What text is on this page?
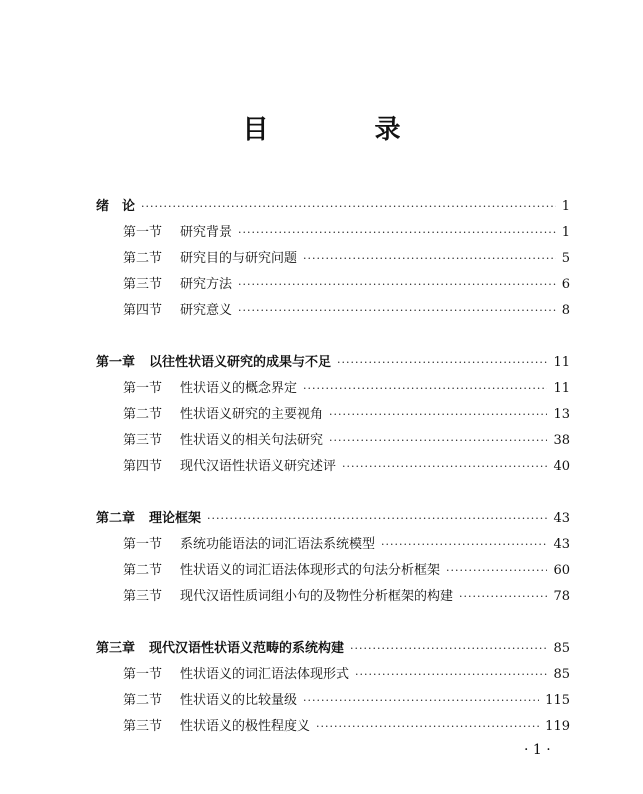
目　录
绪　论 ·····	1
第一节 研究背景 ·····	1
第二节 研究目的与研究问题 ·····	5
第三节 研究方法 ·····	6
第四节 研究意义 ·····	8
第一章 以往性状语义研究的成果与不足 ·····	11
第一节 性状语义的概念界定 ·····	11
第二节 性状语义研究的主要视角 ·····	13
第三节 性状语义的相关句法研究 ·····	38
第四节 现代汉语性状语义研究述评 ·····	40
第二章 理论框架 ·····	43
第一节 系统功能语法的词汇语法系统模型 ·····	43
第二节 性状语义的词汇语法体现形式的句法分析框架 ·····	60
第三节 现代汉语性质词组小句的及物性分析框架的构建 ·····	78
第三章 现代汉语性状语义范畴的系统构建 ·····	85
第一节 性状语义的词汇语法体现形式 ·····	85
第二节 性状语义的比较量级 ·····	115
第三节 性状语义的极性程度义 ·····	119
· 1 ·
